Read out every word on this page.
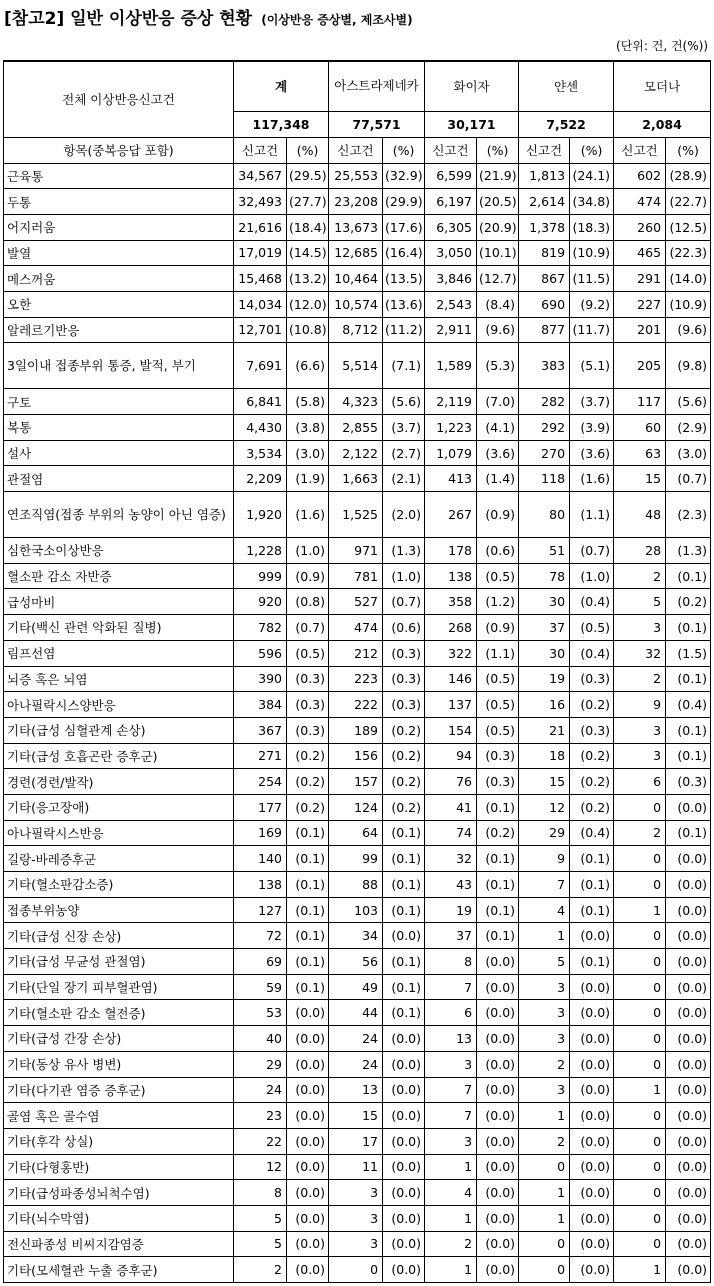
[참고2] 일반 이상반응 증상 현황 (이상반응 증상별, 제조사별)
(단위: 건, 건(%))
전체 이상반응신고건	계		아스트라제네카		화이자		얀센		모더나	
	117,348		77,571		30,171		7,522		2,084	
항목(중복응답 포함)	신고건	(%)	신고건	(%)	신고건	(%)	신고건	(%)	신고건	(%)
근육통	34,567	(29.5)	25,553	(32.9)	6,599	(21.9)	1,813	(24.1)	602	(28.9)
두통	32,493	(27.7)	23,208	(29.9)	6,197	(20.5)	2,614	(34.8)	474	(22.7)
어지러움	21,616	(18.4)	13,673	(17.6)	6,305	(20.9)	1,378	(18.3)	260	(12.5)
발열	17,019	(14.5)	12,685	(16.4)	3,050	(10.1)	819	(10.9)	465	(22.3)
메스꺼움	15,468	(13.2)	10,464	(13.5)	3,846	(12.7)	867	(11.5)	291	(14.0)
오한	14,034	(12.0)	10,574	(13.6)	2,543	(8.4)	690	(9.2)	227	(10.9)
알레르기반응	12,701	(10.8)	8,712	(11.2)	2,911	(9.6)	877	(11.7)	201	(9.6)
3일이내 접종부위 통증, 발적, 부기	7,691	(6.6)	5,514	(7.1)	1,589	(5.3)	383	(5.1)	205	(9.8)
구토	6,841	(5.8)	4,323	(5.6)	2,119	(7.0)	282	(3.7)	117	(5.6)
복통	4,430	(3.8)	2,855	(3.7)	1,223	(4.1)	292	(3.9)	60	(2.9)
설사	3,534	(3.0)	2,122	(2.7)	1,079	(3.6)	270	(3.6)	63	(3.0)
관절염	2,209	(1.9)	1,663	(2.1)	413	(1.4)	118	(1.6)	15	(0.7)
연조직염(접종 부위의 농양이 아닌 염증)	1,920	(1.6)	1,525	(2.0)	267	(0.9)	80	(1.1)	48	(2.3)
심한국소이상반응	1,228	(1.0)	971	(1.3)	178	(0.6)	51	(0.7)	28	(1.3)
혈소판 감소 자반증	999	(0.9)	781	(1.0)	138	(0.5)	78	(1.0)	2	(0.1)
급성마비	920	(0.8)	527	(0.7)	358	(1.2)	30	(0.4)	5	(0.2)
기타(백신 관련 악화된 질병)	782	(0.7)	474	(0.6)	268	(0.9)	37	(0.5)	3	(0.1)
림프선염	596	(0.5)	212	(0.3)	322	(1.1)	30	(0.4)	32	(1.5)
뇌증 혹은 뇌염	390	(0.3)	223	(0.3)	146	(0.5)	19	(0.3)	2	(0.1)
아나필락시스양반응	384	(0.3)	222	(0.3)	137	(0.5)	16	(0.2)	9	(0.4)
기타(급성 심혈관계 손상)	367	(0.3)	189	(0.2)	154	(0.5)	21	(0.3)	3	(0.1)
기타(급성 호흡곤란 증후군)	271	(0.2)	156	(0.2)	94	(0.3)	18	(0.2)	3	(0.1)
경련(경련/발작)	254	(0.2)	157	(0.2)	76	(0.3)	15	(0.2)	6	(0.3)
기타(응고장애)	177	(0.2)	124	(0.2)	41	(0.1)	12	(0.2)	0	(0.0)
아나필락시스반응	169	(0.1)	64	(0.1)	74	(0.2)	29	(0.4)	2	(0.1)
길랑-바레증후군	140	(0.1)	99	(0.1)	32	(0.1)	9	(0.1)	0	(0.0)
기타(혈소판감소증)	138	(0.1)	88	(0.1)	43	(0.1)	7	(0.1)	0	(0.0)
접종부위농양	127	(0.1)	103	(0.1)	19	(0.1)	4	(0.1)	1	(0.0)
기타(급성 신장 손상)	72	(0.1)	34	(0.0)	37	(0.1)	1	(0.0)	0	(0.0)
기타(급성 무균성 관절염)	69	(0.1)	56	(0.1)	8	(0.0)	5	(0.1)	0	(0.0)
기타(단일 장기 피부혈관염)	59	(0.1)	49	(0.1)	7	(0.0)	3	(0.0)	0	(0.0)
기타(혈소판 감소 혈전증)	53	(0.0)	44	(0.1)	6	(0.0)	3	(0.0)	0	(0.0)
기타(급성 간장 손상)	40	(0.0)	24	(0.0)	13	(0.0)	3	(0.0)	0	(0.0)
기타(동상 유사 병변)	29	(0.0)	24	(0.0)	3	(0.0)	2	(0.0)	0	(0.0)
기타(다기관 염증 증후군)	24	(0.0)	13	(0.0)	7	(0.0)	3	(0.0)	1	(0.0)
골염 혹은 골수염	23	(0.0)	15	(0.0)	7	(0.0)	1	(0.0)	0	(0.0)
기타(후각 상실)	22	(0.0)	17	(0.0)	3	(0.0)	2	(0.0)	0	(0.0)
기타(다형홍반)	12	(0.0)	11	(0.0)	1	(0.0)	0	(0.0)	0	(0.0)
기타(급성파종성뇌척수염)	8	(0.0)	3	(0.0)	4	(0.0)	1	(0.0)	0	(0.0)
기타(뇌수막염)	5	(0.0)	3	(0.0)	1	(0.0)	1	(0.0)	0	(0.0)
전신파종성 비씨지감염증	5	(0.0)	3	(0.0)	2	(0.0)	0	(0.0)	0	(0.0)
기타(모세혈관 누출 증후군)	2	(0.0)	0	(0.0)	1	(0.0)	0	(0.0)	1	(0.0)
